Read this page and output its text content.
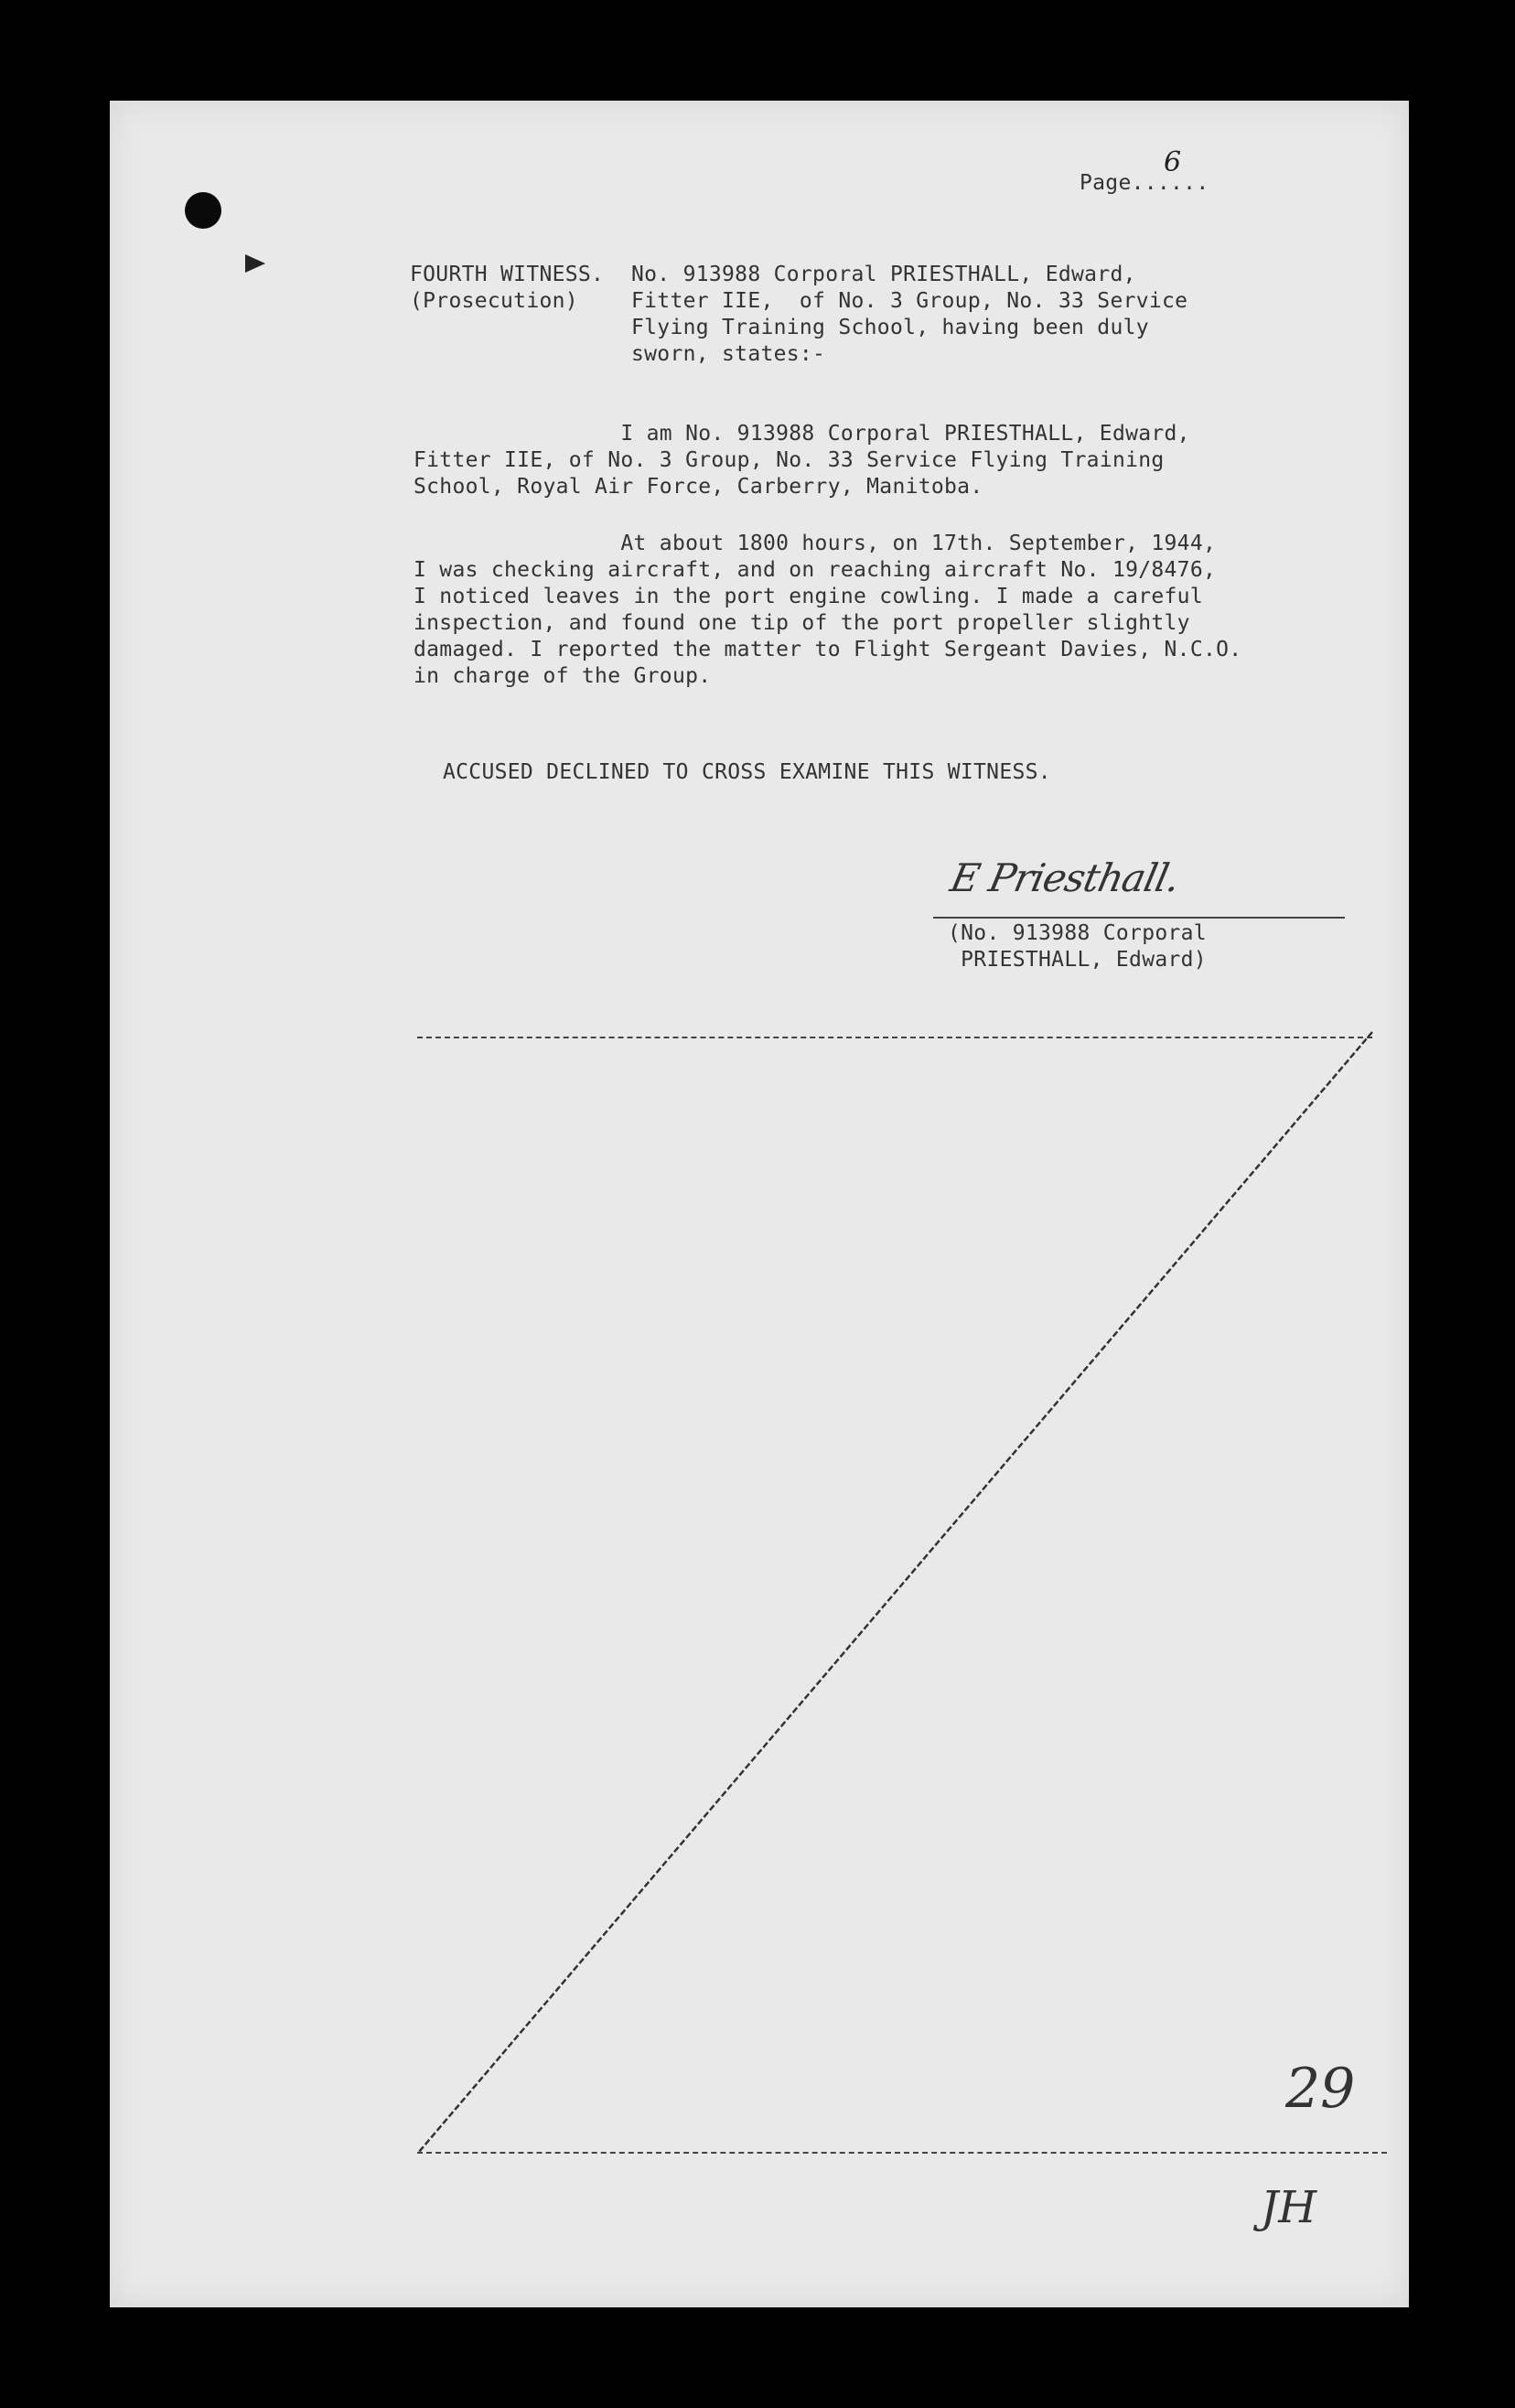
Page......
6
FOURTH WITNESS.
(Prosecution)
No. 913988 Corporal PRIESTHALL, Edward,
Fitter IIE,  of No. 3 Group, No. 33 Service
Flying Training School, having been duly
sworn, states:-
I am No. 913988 Corporal PRIESTHALL, Edward,
Fitter IIE, of No. 3 Group, No. 33 Service Flying Training
School, Royal Air Force, Carberry, Manitoba.
At about 1800 hours, on 17th. September, 1944,
I was checking aircraft, and on reaching aircraft No. 19/8476,
I noticed leaves in the port engine cowling. I made a careful
inspection, and found one tip of the port propeller slightly
damaged. I reported the matter to Flight Sergeant Davies, N.C.O.
in charge of the Group.
ACCUSED DECLINED TO CROSS EXAMINE THIS WITNESS.
E Priesthall.
(No. 913988 Corporal
PRIESTHALL, Edward)
29
JH
